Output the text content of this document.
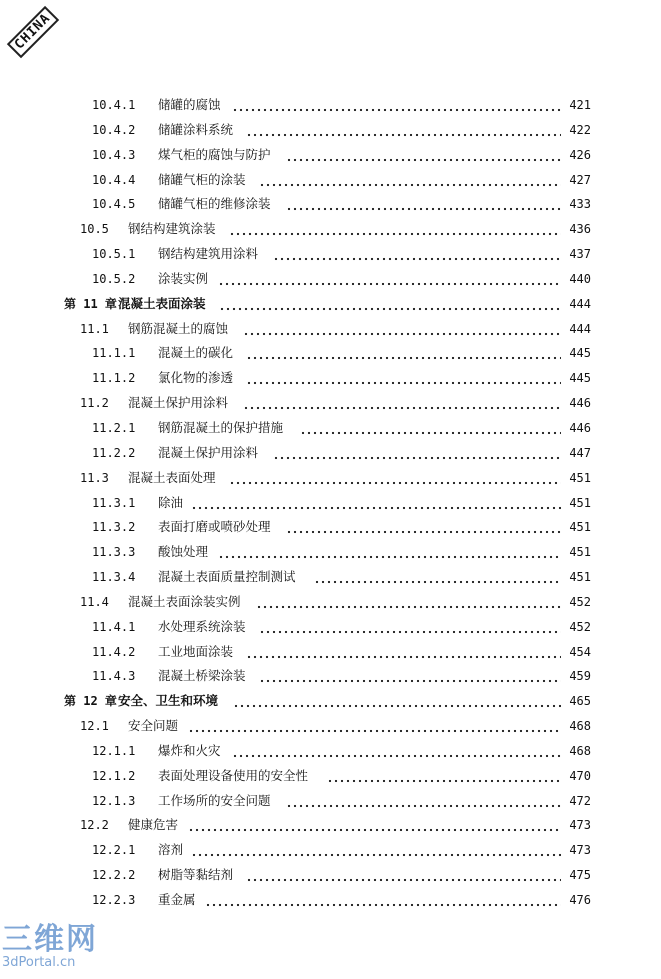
CHINA
10.4.1 储罐的腐蚀	421
10.4.2 储罐涂料系统	422
10.4.3 煤气柜的腐蚀与防护	426
10.4.4 储罐气柜的涂装	427
10.4.5 储罐气柜的维修涂装	433
10.5 钢结构建筑涂装	436
10.5.1 钢结构建筑用涂料	437
10.5.2 涂装实例	440
第 11 章 混凝土表面涂装	444
11.1 钢筋混凝土的腐蚀	444
11.1.1 混凝土的碳化	445
11.1.2 氯化物的渗透	445
11.2 混凝土保护用涂料	446
11.2.1 钢筋混凝土的保护措施	446
11.2.2 混凝土保护用涂料	447
11.3 混凝土表面处理	451
11.3.1 除油	451
11.3.2 表面打磨或喷砂处理	451
11.3.3 酸蚀处理	451
11.3.4 混凝土表面质量控制测试	451
11.4 混凝土表面涂装实例	452
11.4.1 水处理系统涂装	452
11.4.2 工业地面涂装	454
11.4.3 混凝土桥梁涂装	459
第 12 章 安全、卫生和环境	465
12.1 安全问题	468
12.1.1 爆炸和火灾	468
12.1.2 表面处理设备使用的安全性	470
12.1.3 工作场所的安全问题	472
12.2 健康危害	473
12.2.1 溶剂	473
12.2.2 树脂等黏结剂	475
12.2.3 重金属	476
三维网
3dPortal.cn
